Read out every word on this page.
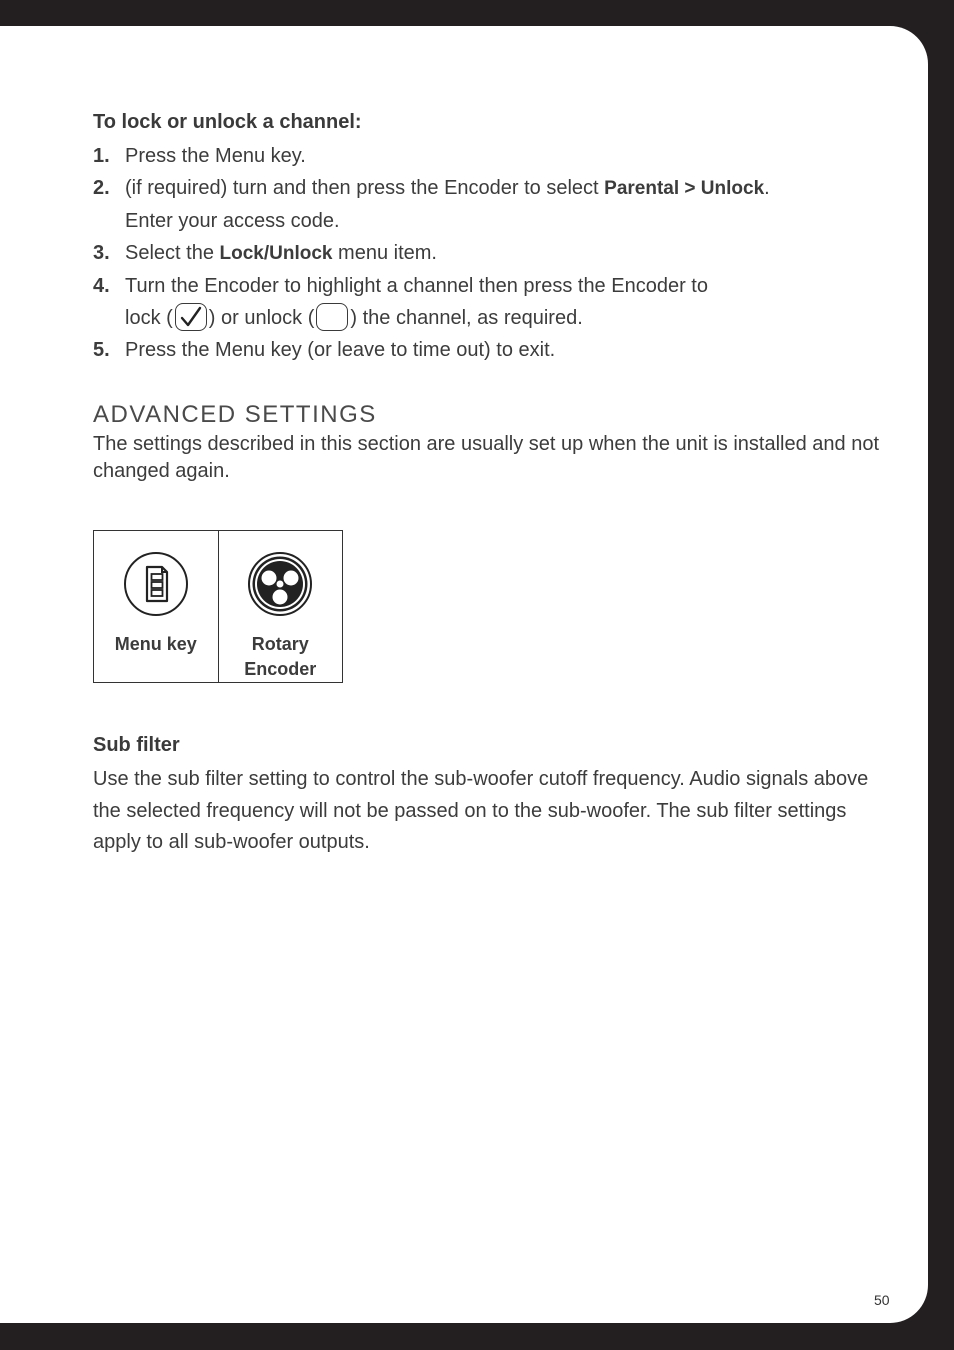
To lock or unlock a channel:
1. Press the Menu key.
2. (if required) turn and then press the Encoder to select Parental > Unlock.
Enter your access code.
3. Select the Lock/Unlock menu item.
4. Turn the Encoder to highlight a channel then press the Encoder to
lock ( ) or unlock ( ) the channel, as required.
5. Press the Menu key (or leave to time out) to exit.
ADVANCED SETTINGS

The settings described in this section are usually set up when the unit is installed and not changed again.

Menu key	Rotary
Encoder
Sub filter

Use the sub filter setting to control the sub-woofer cutoff frequency. Audio signals above the selected frequency will not be passed on to the sub-woofer. The sub filter settings apply to all sub-woofer outputs.

50
